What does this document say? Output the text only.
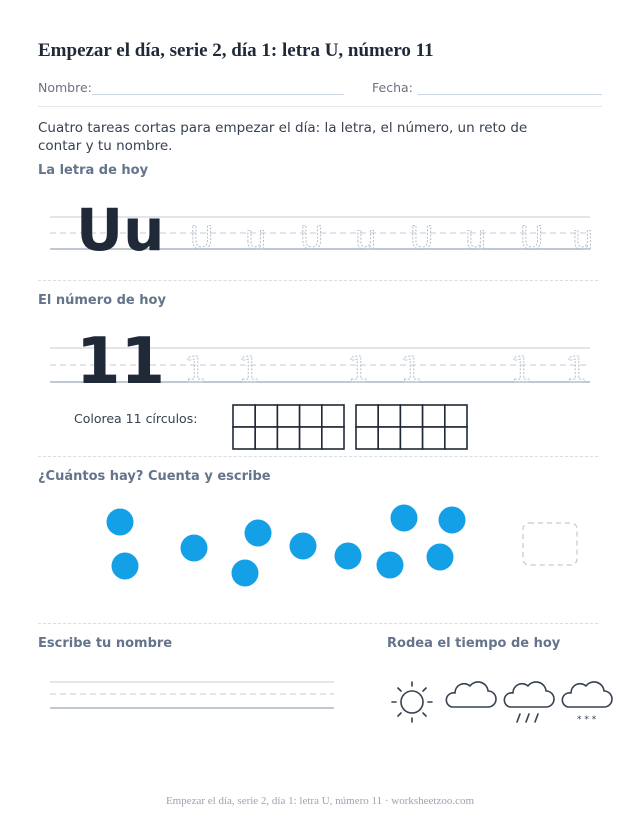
Empezar el día, serie 2, día 1: letra U, número 11
Nombre:	Fecha:

Cuatro tareas cortas para empezar el día: la letra, el número, un reto de contar y tu nombre.

La letra de hoy
Uu U u U u U u U u
El número de hoy
11 1 1 1 1 1 1
Colorea 11 círculos:
¿Cuántos hay? Cuenta y escribe
Escribe tu nombre	Rodea el tiempo de hoy
* * *
Empezar el día, serie 2, día 1: letra U, número 11 · worksheetzoo.com
